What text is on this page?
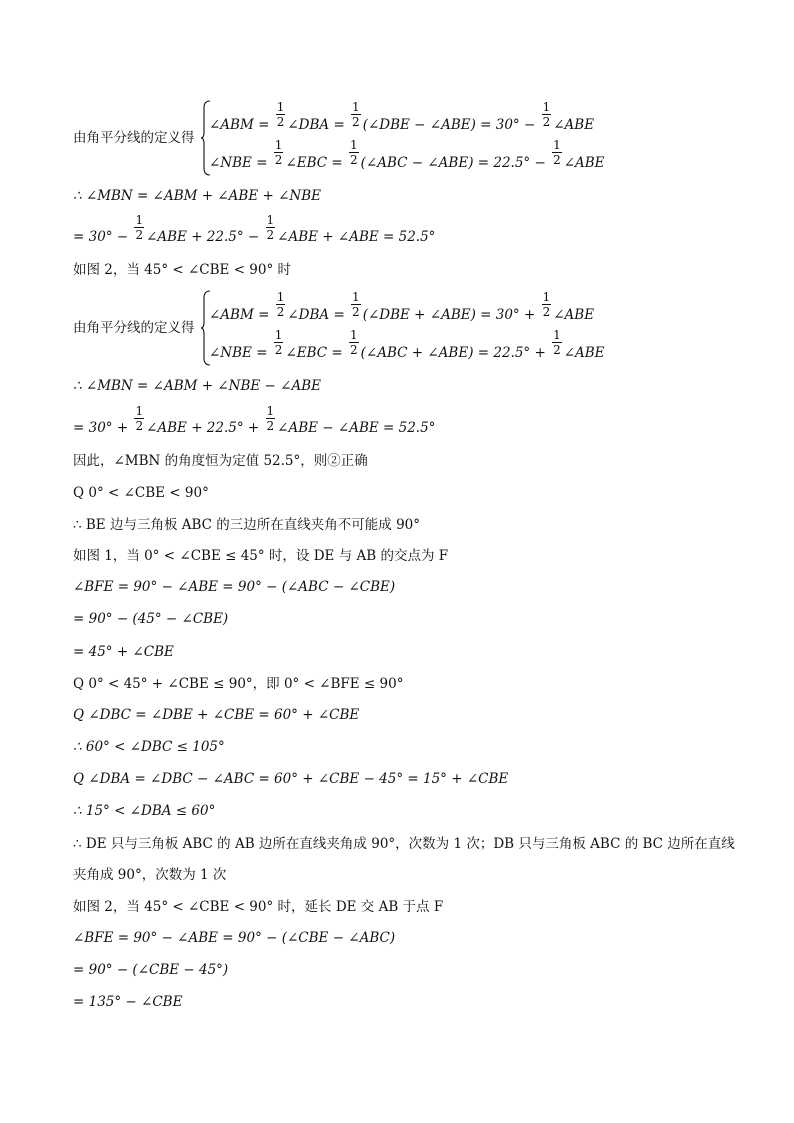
由角平分线的定义得
∠ABM = $\frac{1}{2}$ ∠DBA = $\frac{1}{2}$ (∠DBE − ∠ABE) = $30^\circ - \frac{1}{2}$ ∠ABE
∠NBE = $\frac{1}{2}$ ∠EBC = $\frac{1}{2}$ (∠ABC − ∠ABE) = $22.5^\circ - \frac{1}{2}$ ∠ABE
∴ ∠MBN = ∠ABM + ∠ABE + ∠NBE
= $30^\circ - \frac{1}{2}$ ∠ABE + $22.5^\circ - \frac{1}{2}$ ∠ABE + ∠ABE = 52.5°
如图 2，当 45° < ∠CBE < 90° 时
由角平分线的定义得
∠ABM = $\frac{1}{2}$ ∠DBA = $\frac{1}{2}$ (∠DBE + ∠ABE) = $30^\circ + \frac{1}{2}$ ∠ABE
∠NBE = $\frac{1}{2}$ ∠EBC = $\frac{1}{2}$ (∠ABC + ∠ABE) = $22.5^\circ + \frac{1}{2}$ ∠ABE
∴ ∠MBN = ∠ABM + ∠NBE − ∠ABE
= $30^\circ + \frac{1}{2}$ ∠ABE + $22.5^\circ + \frac{1}{2}$ ∠ABE − ∠ABE = 52.5°
因此，∠MBN 的角度恒为定值 52.5°，则②正确
Q 0° < ∠CBE < 90°
∴ BE 边与三角板 ABC 的三边所在直线夹角不可能成 90°
如图 1，当 0° < ∠CBE ≤ 45° 时，设 DE 与 AB 的交点为 F
∠BFE = 90° − ∠ABE = 90° − (∠ABC − ∠CBE)
= 90° − (45° − ∠CBE)
= 45° + ∠CBE
Q 0° < 45° + ∠CBE ≤ 90°，即 0° < ∠BFE ≤ 90°
Q ∠DBC = ∠DBE + ∠CBE = 60° + ∠CBE
∴ 60° < ∠DBC ≤ 105°
Q ∠DBA = ∠DBC − ∠ABC = 60° + ∠CBE − 45° = 15° + ∠CBE
∴ 15° < ∠DBA ≤ 60°
∴ DE 只与三角板 ABC 的 AB 边所在直线夹角成 90°，次数为 1 次；DB 只与三角板 ABC 的 BC 边所在直线
夹角成 90°，次数为 1 次
如图 2，当 45° < ∠CBE < 90° 时，延长 DE 交 AB 于点 F
∠BFE = 90° − ∠ABE = 90° − (∠CBE − ∠ABC)
= 90° − (∠CBE − 45°)
= 135° − ∠CBE
